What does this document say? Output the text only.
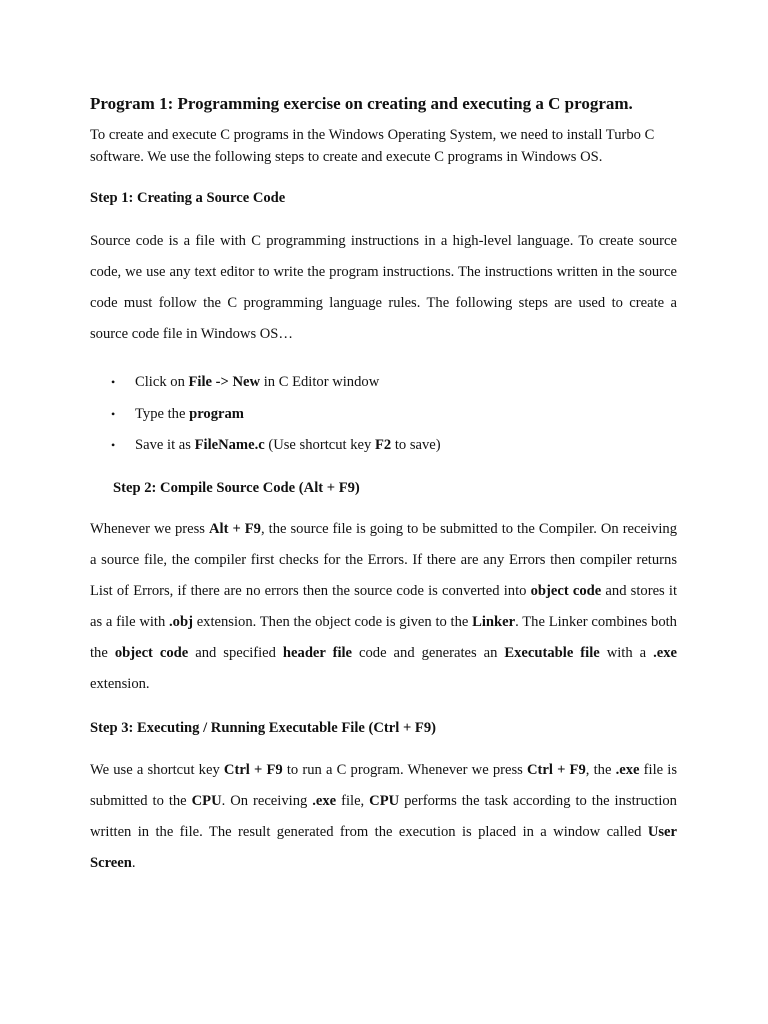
Program 1: Programming exercise on creating and executing a C program.

To create and execute C programs in the Windows Operating System, we need to install Turbo C software. We use the following steps to create and execute C programs in Windows OS.

Step 1: Creating a Source Code

Source code is a file with C programming instructions in a high-level language. To create source code, we use any text editor to write the program instructions. The instructions written in the source code must follow the C programming language rules. The following steps are used to create a source code file in Windows OS…

• Click on File -> New in C Editor window
• Type the program
• Save it as FileName.c (Use shortcut key F2 to save)

Step 2: Compile Source Code (Alt + F9)

Whenever we press Alt + F9, the source file is going to be submitted to the Compiler. On receiving a source file, the compiler first checks for the Errors. If there are any Errors then compiler returns List of Errors, if there are no errors then the source code is converted into object code and stores it as a file with .obj extension. Then the object code is given to the Linker. The Linker combines both the object code and specified header file code and generates an Executable file with a .exe extension.

Step 3: Executing / Running Executable File (Ctrl + F9)

We use a shortcut key Ctrl + F9 to run a C program. Whenever we press Ctrl + F9, the .exe file is submitted to the CPU. On receiving .exe file, CPU performs the task according to the instruction written in the file. The result generated from the execution is placed in a window called User Screen.
